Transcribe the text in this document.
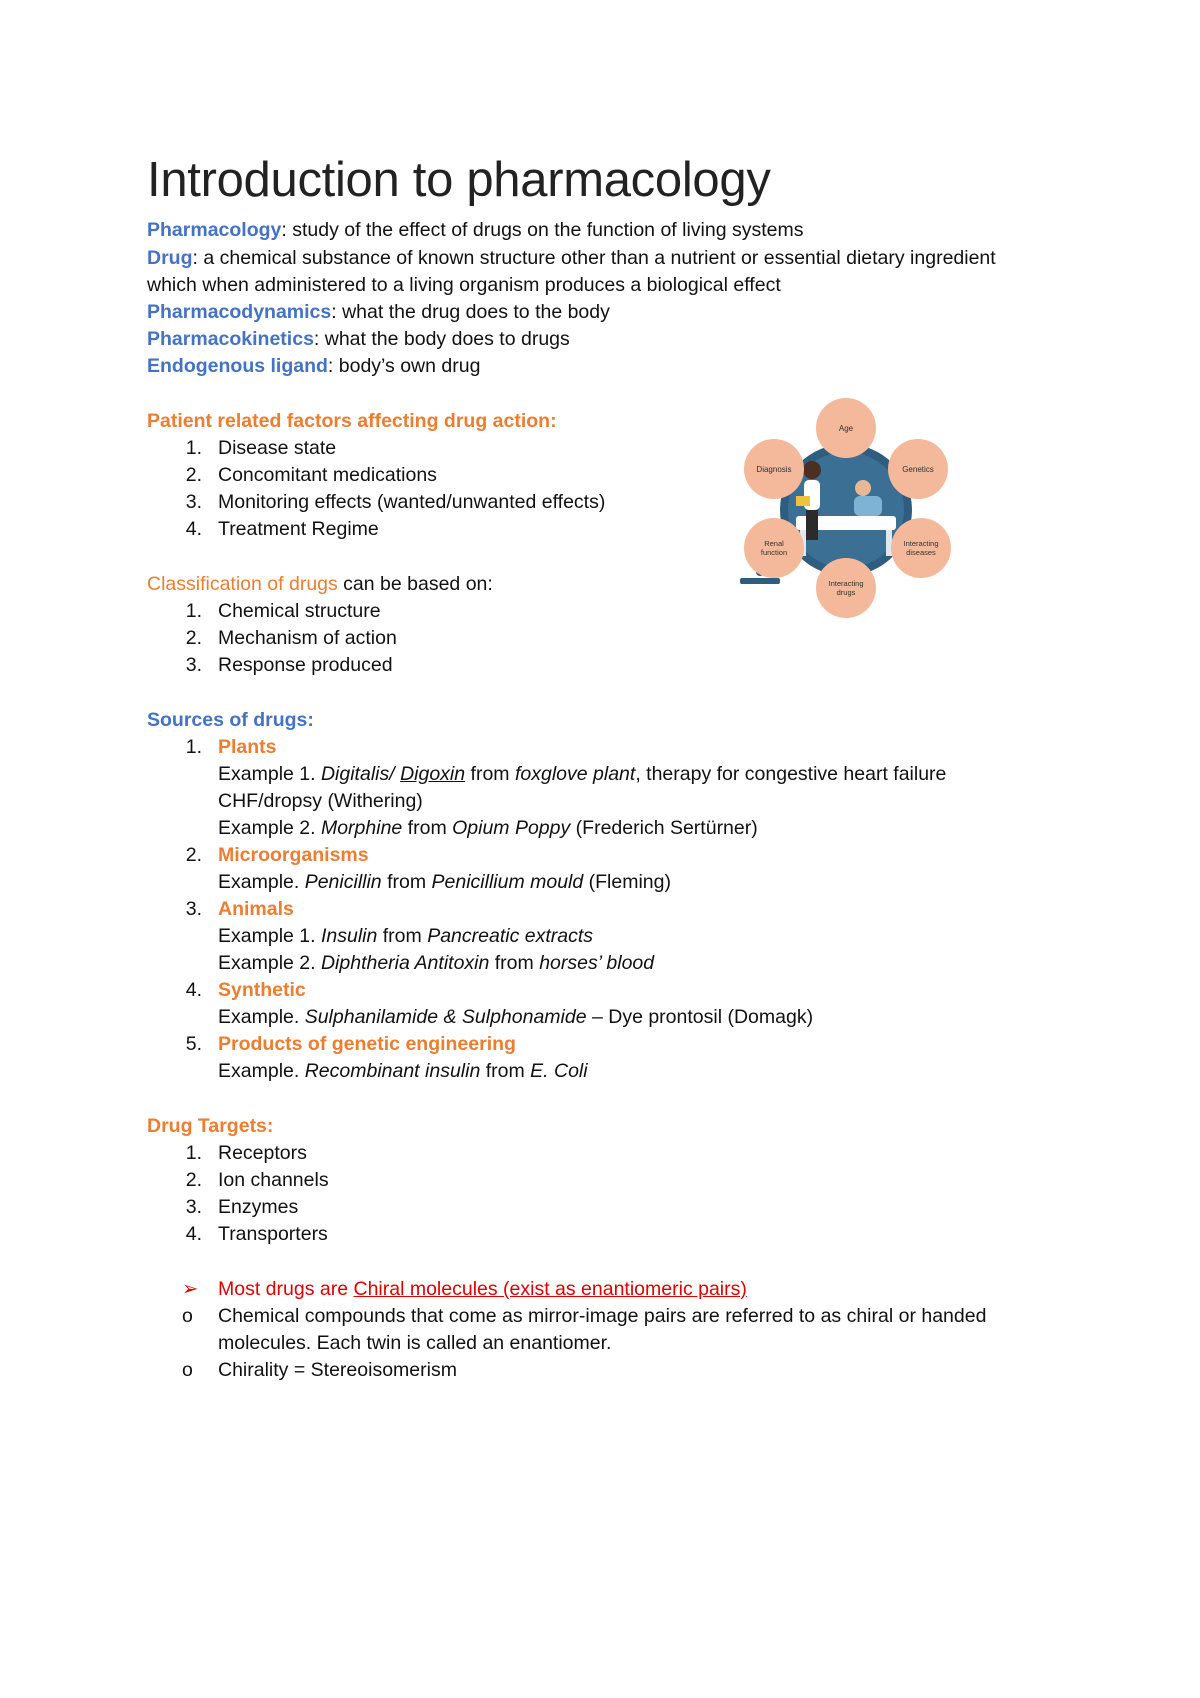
Introduction to pharmacology
Pharmacology: study of the effect of drugs on the function of living systems
Drug: a chemical substance of known structure other than a nutrient or essential dietary ingredient
which when administered to a living organism produces a biological effect
Pharmacodynamics: what the drug does to the body
Pharmacokinetics: what the body does to drugs
Endogenous ligand: body’s own drug
Patient related factors affecting drug action:
1. Disease state
2. Concomitant medications
3. Monitoring effects (wanted/unwanted effects)
4. Treatment Regime
Classification of drugs can be based on:
1. Chemical structure
2. Mechanism of action
3. Response produced
Age
Genetics
Interacting
diseases
Interacting
drugs
Renal
function
Diagnosis
Sources of drugs:
1. Plants
Example 1. Digitalis/ Digoxin from foxglove plant, therapy for congestive heart failure
CHF/dropsy (Withering)
Example 2. Morphine from Opium Poppy (Frederich Sertürner)
2. Microorganisms
Example. Penicillin from Penicillium mould (Fleming)
3. Animals
Example 1. Insulin from Pancreatic extracts
Example 2. Diphtheria Antitoxin from horses’ blood
4. Synthetic
Example. Sulphanilamide & Sulphonamide – Dye prontosil (Domagk)
5. Products of genetic engineering
Example. Recombinant insulin from E. Coli
Drug Targets:
1. Receptors
2. Ion channels
3. Enzymes
4. Transporters
➢ Most drugs are Chiral molecules (exist as enantiomeric pairs)
o Chemical compounds that come as mirror-image pairs are referred to as chiral or handed
molecules. Each twin is called an enantiomer.
o Chirality = Stereoisomerism
